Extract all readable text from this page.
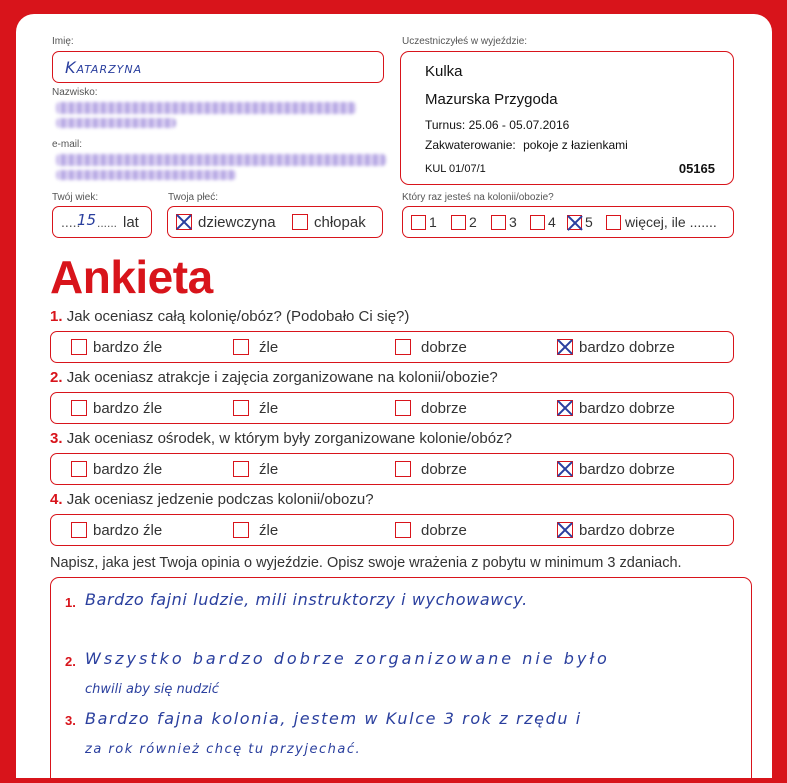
Imię:
Katarzyna
Nazwisko:
e-mail:
Twój wiek:
.....
15 ...... lat
Twoja płeć:
dziewczyna	chłopak
Uczestniczyłeś w wyjeździe:
Kulka
Mazurska Przygoda
Turnus: 25.06 - 05.07.2016
Zakwaterowanie: pokoje z łazienkami
KUL 01/07/1	05165
Który raz jesteś na kolonii/obozie?
1	2	3	4	5	więcej, ile .......
Ankieta
1. Jak oceniasz całą kolonię/obóz? (Podobało Ci się?)
bardzo źle	źle	dobrze	bardzo dobrze
2. Jak oceniasz atrakcje i zajęcia zorganizowane na kolonii/obozie?
bardzo źle	źle	dobrze	bardzo dobrze
3. Jak oceniasz ośrodek, w którym były zorganizowane kolonie/obóz?
bardzo źle	źle	dobrze	bardzo dobrze
4. Jak oceniasz jedzenie podczas kolonii/obozu?
bardzo źle	źle	dobrze	bardzo dobrze
Napisz, jaka jest Twoja opinia o wyjeździe. Opisz swoje wrażenia z pobytu w minimum 3 zdaniach.
1. Bardzo fajni ludzie, mili instruktorzy i wychowawcy.
2. Wszystko bardzo dobrze zorganizowane nie było
chwili aby się nudzić
3. Bardzo fajna kolonia, jestem w Kulce 3 rok z rzędu i
za rok również chcę tu przyjechać.
